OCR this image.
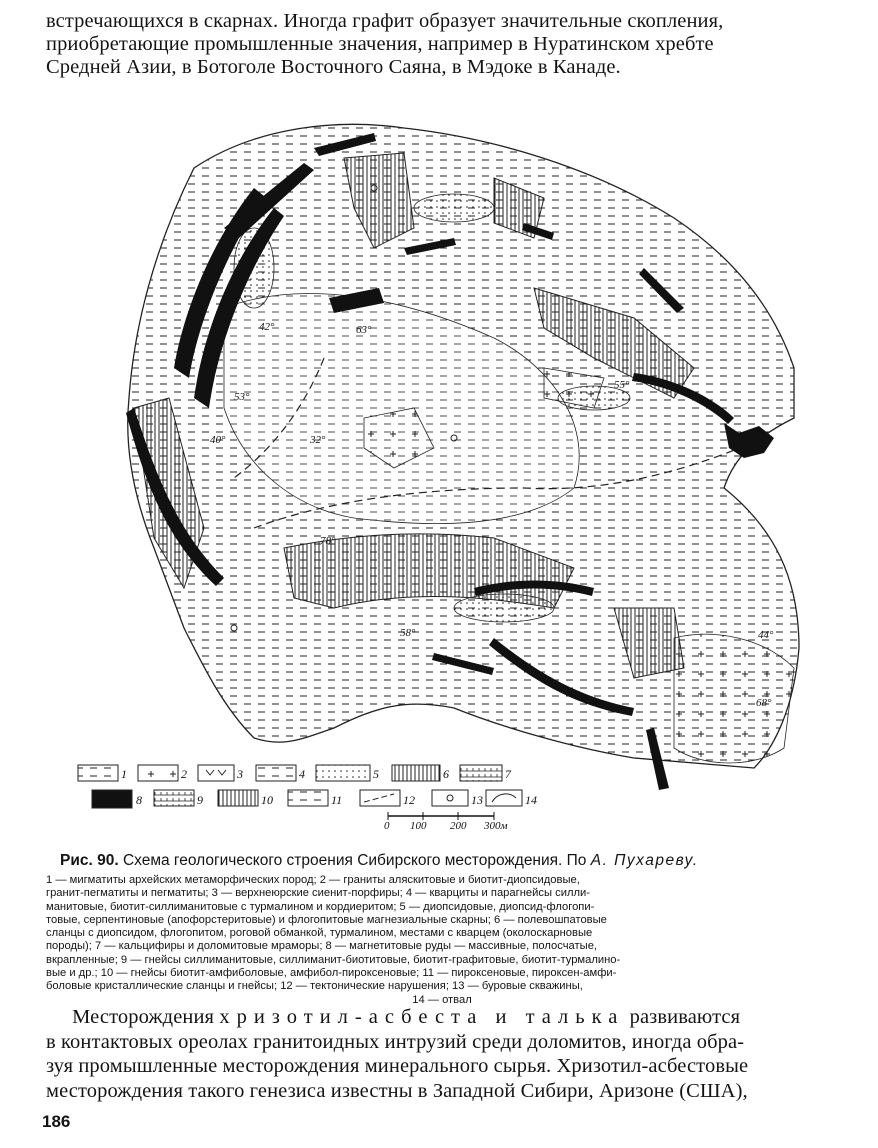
встречающихся в скарнах. Иногда графит образует значительные скопления,
приобретающие промышленные значения, например в Нуратинском хребте
Средней Азии, в Ботоголе Восточного Саяна, в Мэдоке в Канаде.
42°	63°
53°
40°	32°
55°
78°
58°	44°
68°
1	2	3	4	5	6	7
8	9	10	11	12	13	14
0 100 200 300м
Рис. 90. Схема геологического строения Сибирского месторождения. По А. Пухареву.
1 — мигматиты архейских метаморфических пород; 2 — граниты аляскитовые и биотит-диопсидовые,
гранит-пегматиты и пегматиты; 3 — верхнеюрские сиенит-порфиры; 4 — кварциты и парагнейсы силли-
манитовые, биотит-силлиманитовые с турмалином и кордиеритом; 5 — диопсидовые, диопсид-флогопи-
товые, серпентиновые (апофорстеритовые) и флогопитовые магнезиальные скарны; 6 — полевошпатовые
сланцы с диопсидом, флогопитом, роговой обманкой, турмалином, местами с кварцем (околоскарновые
породы); 7 — кальцифиры и доломитовые мраморы; 8 — магнетитовые руды — массивные, полосчатые,
вкрапленные; 9 — гнейсы силлиманитовые, силлиманит-биотитовые, биотит-графитовые, биотит-турмалино-
вые и др.; 10 — гнейсы биотит-амфиболовые, амфибол-пироксеновые; 11 — пироксеновые, пироксен-амфи-
боловые кристаллические сланцы и гнейсы; 12 — тектонические нарушения; 13 — буровые скважины,
14 — отвал
Месторождения хризотил-асбеста и талька развиваются
в контактовых ореолах гранитоидных интрузий среди доломитов, иногда обра-
зуя промышленные месторождения минерального сырья. Хризотил-асбестовые
месторождения такого генезиса известны в Западной Сибири, Аризоне (США),
186
